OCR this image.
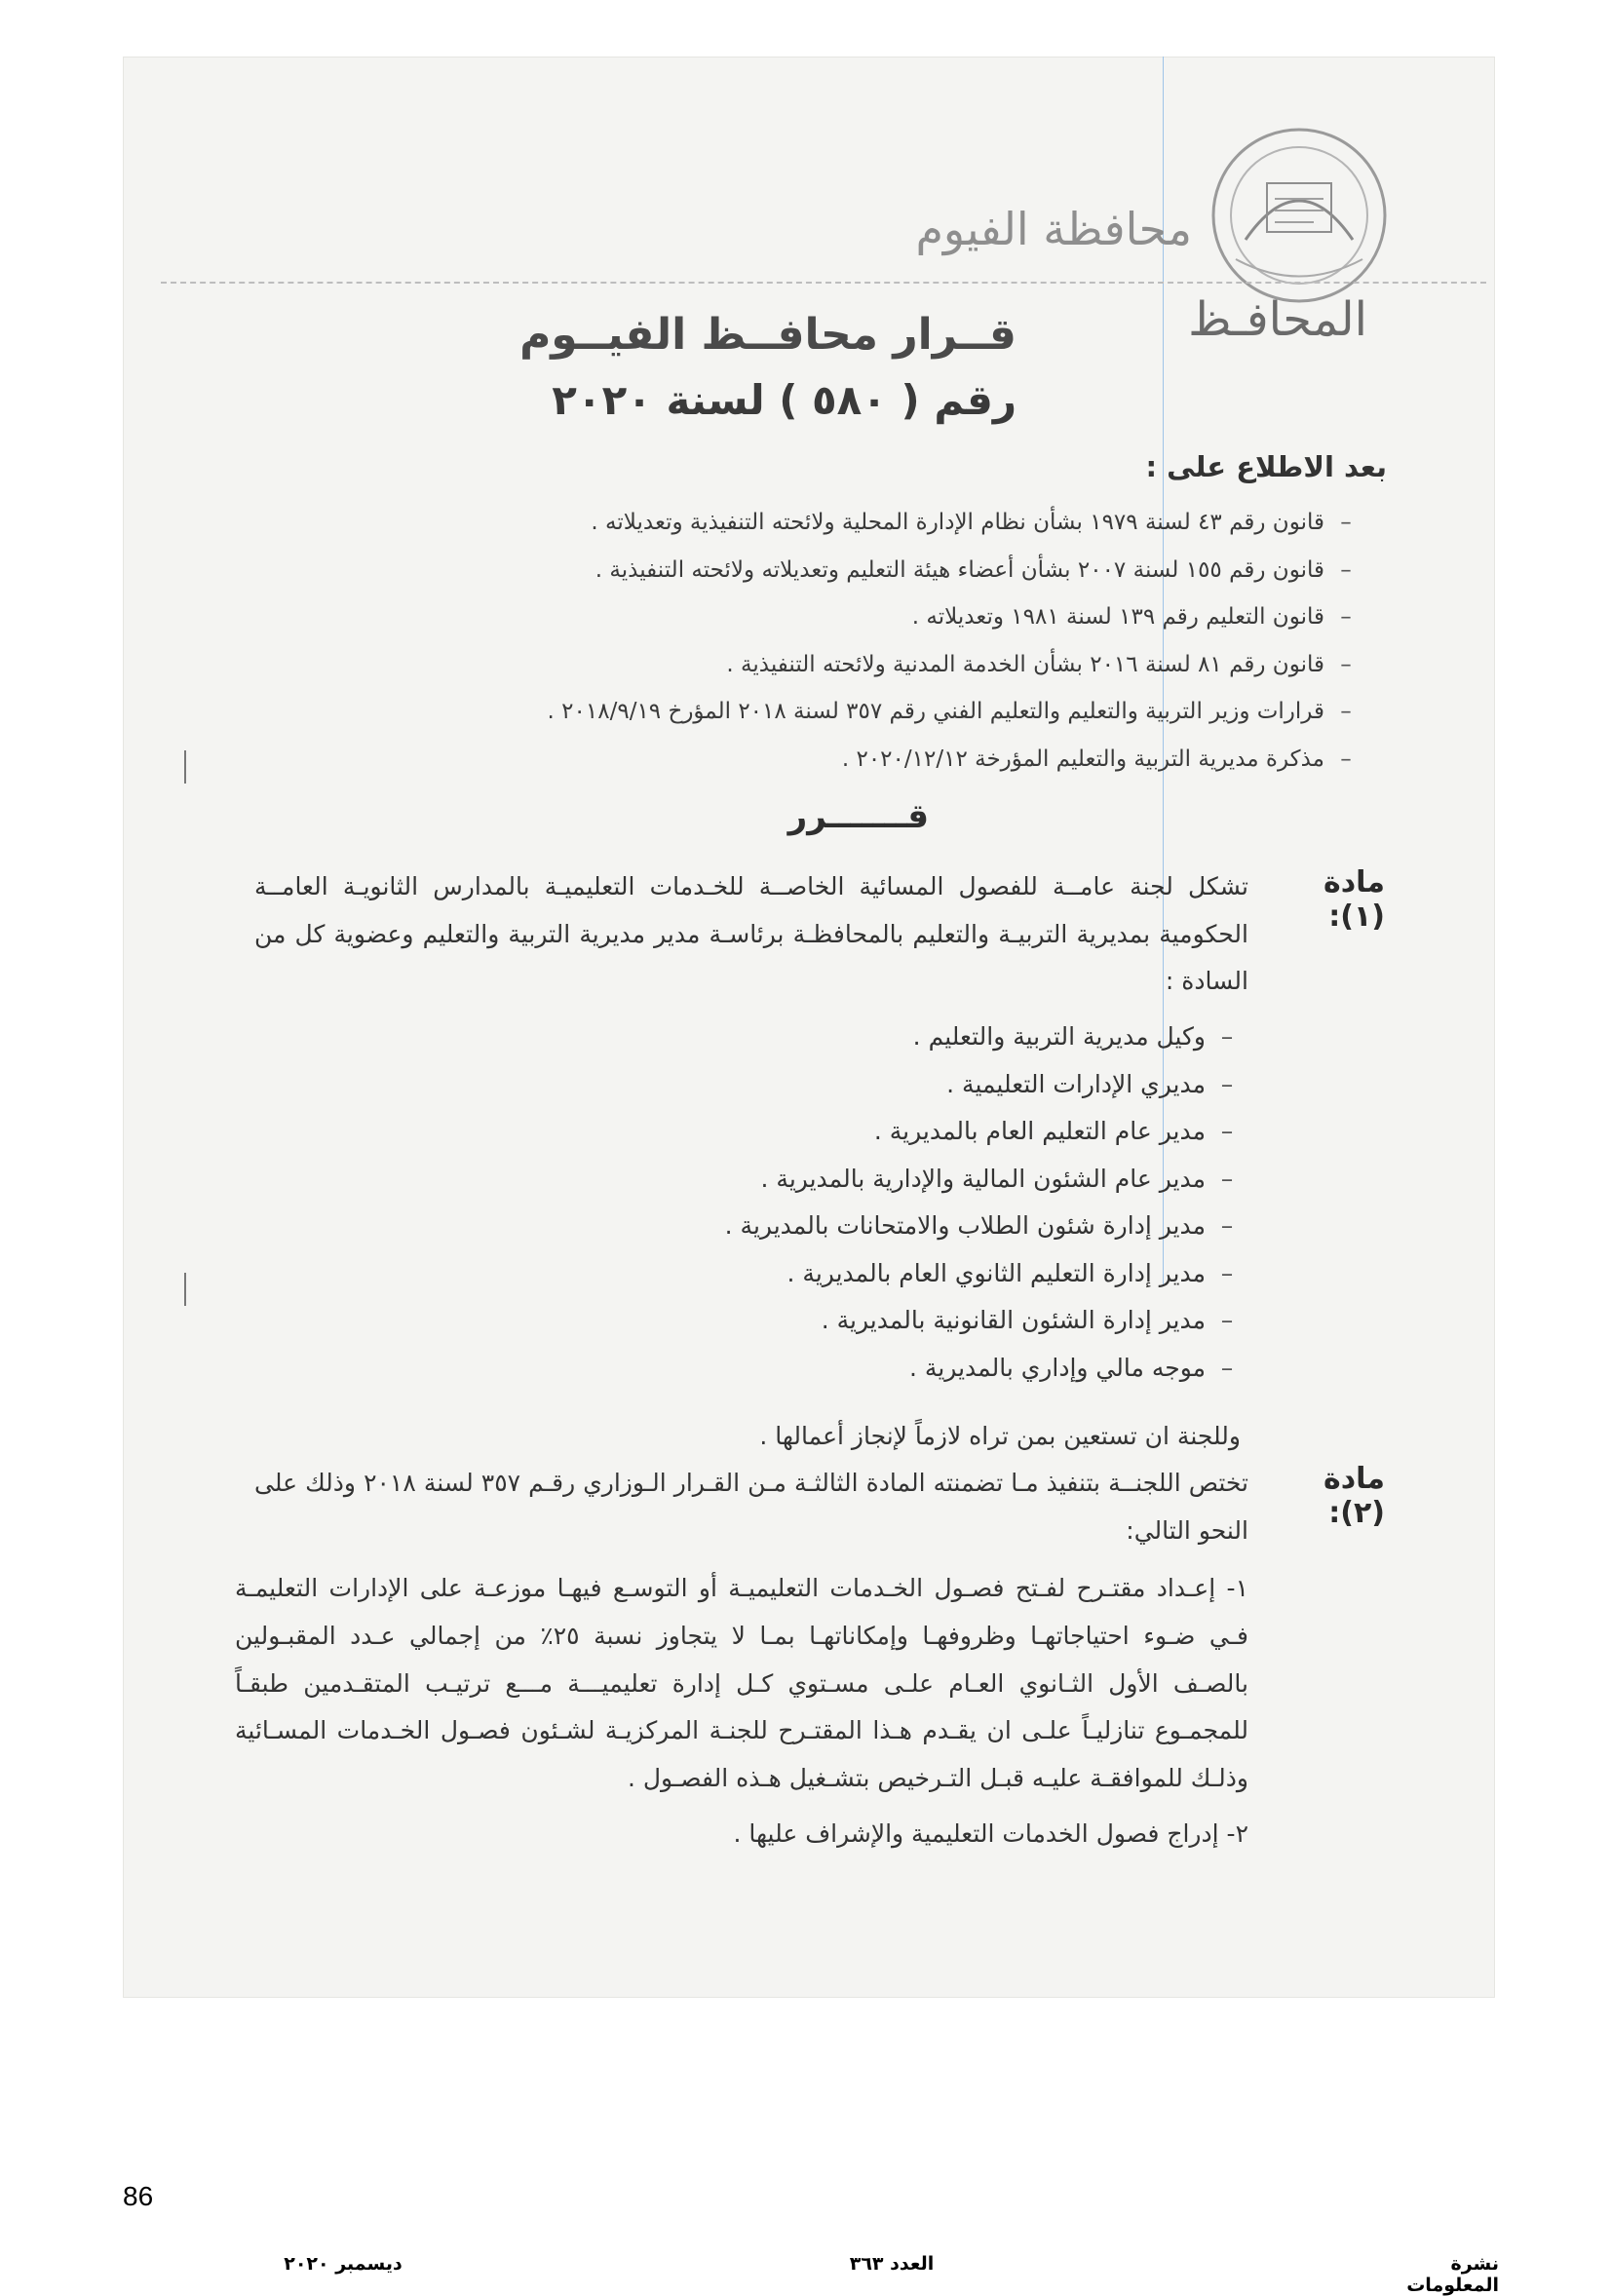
محافظة الفيوم
المحافـظ
قــرار محافــظ الفيــوم
رقم ( ٥٨٠ ) لسنة ٢٠٢٠
بعد الاطلاع على :
–قانون رقم ٤٣ لسنة ١٩٧٩ بشأن نظام الإدارة المحلية ولائحته التنفيذية وتعديلاته .
–قانون رقم ١٥٥ لسنة ٢٠٠٧ بشأن أعضاء هيئة التعليم وتعديلاته ولائحته التنفيذية .
–قانون التعليم رقم ١٣٩ لسنة ١٩٨١ وتعديلاته .
–قانون رقم ٨١ لسنة ٢٠١٦ بشأن الخدمة المدنية ولائحته التنفيذية .
–قرارات وزير التربية والتعليم والتعليم الفني رقم ٣٥٧ لسنة ٢٠١٨ المؤرخ ٢٠١٨/٩/١٩ .
–مذكرة مديرية التربية والتعليم المؤرخة ٢٠٢٠/١٢/١٢ .
قـــــــرر
مادة (١):
تشكل لجنة عامــة للفصول المسائية الخاصــة للخـدمات التعليميـة بالمدارس الثانويـة العامــة الحكومية بمديرية التربيـة والتعليم بالمحافظـة برئاسـة مدير مديرية التربية والتعليم وعضوية كل من السادة :
–وكيل مديرية التربية والتعليم .
–مديري الإدارات التعليمية .
–مدير عام التعليم العام بالمديرية .
–مدير عام الشئون المالية والإدارية بالمديرية .
–مدير إدارة شئون الطلاب والامتحانات بالمديرية .
–مدير إدارة التعليم الثانوي العام بالمديرية .
–مدير إدارة الشئون القانونية بالمديرية .
–موجه مالي وإداري بالمديرية .
وللجنة ان تستعين بمن تراه لازماً لإنجاز أعمالها .
مادة (٢):
تختص اللجنــة بتنفيذ مـا تضمنته المادة الثالثـة مـن القـرار الـوزاري رقـم ٣٥٧ لسنة ٢٠١٨ وذلك على النحو التالي:
١- إعـداد مقتـرح لفـتح فصـول الخـدمات التعليميـة أو التوسـع فيهـا موزعـة على الإدارات التعليمـة فـي ضـوء احتياجاتهـا وظروفهـا وإمكاناتهـا بمـا لا يتجاوز نسبة ٢٥٪ من إجمالي عـدد المقبـولين بالصـف الأول الثـانوي العـام علـى مسـتوي كـل إدارة تعليميـــة مـــع ترتيـب المتقـدمين طبقـاً للمجمـوع تنازليـاً علـى ان يقـدم هـذا المقتـرح للجنـة المركزيـة لشـئون فصـول الخـدمات المسـائية وذلـك للموافقـة عليـه قبـل التـرخيص بتشـغيل هـذه الفصـول .
٢- إدراج فصول الخدمات التعليمية والإشراف عليها .
86
نشرة المعلومات
العدد ٣٦٣
ديسمبر ٢٠٢٠
